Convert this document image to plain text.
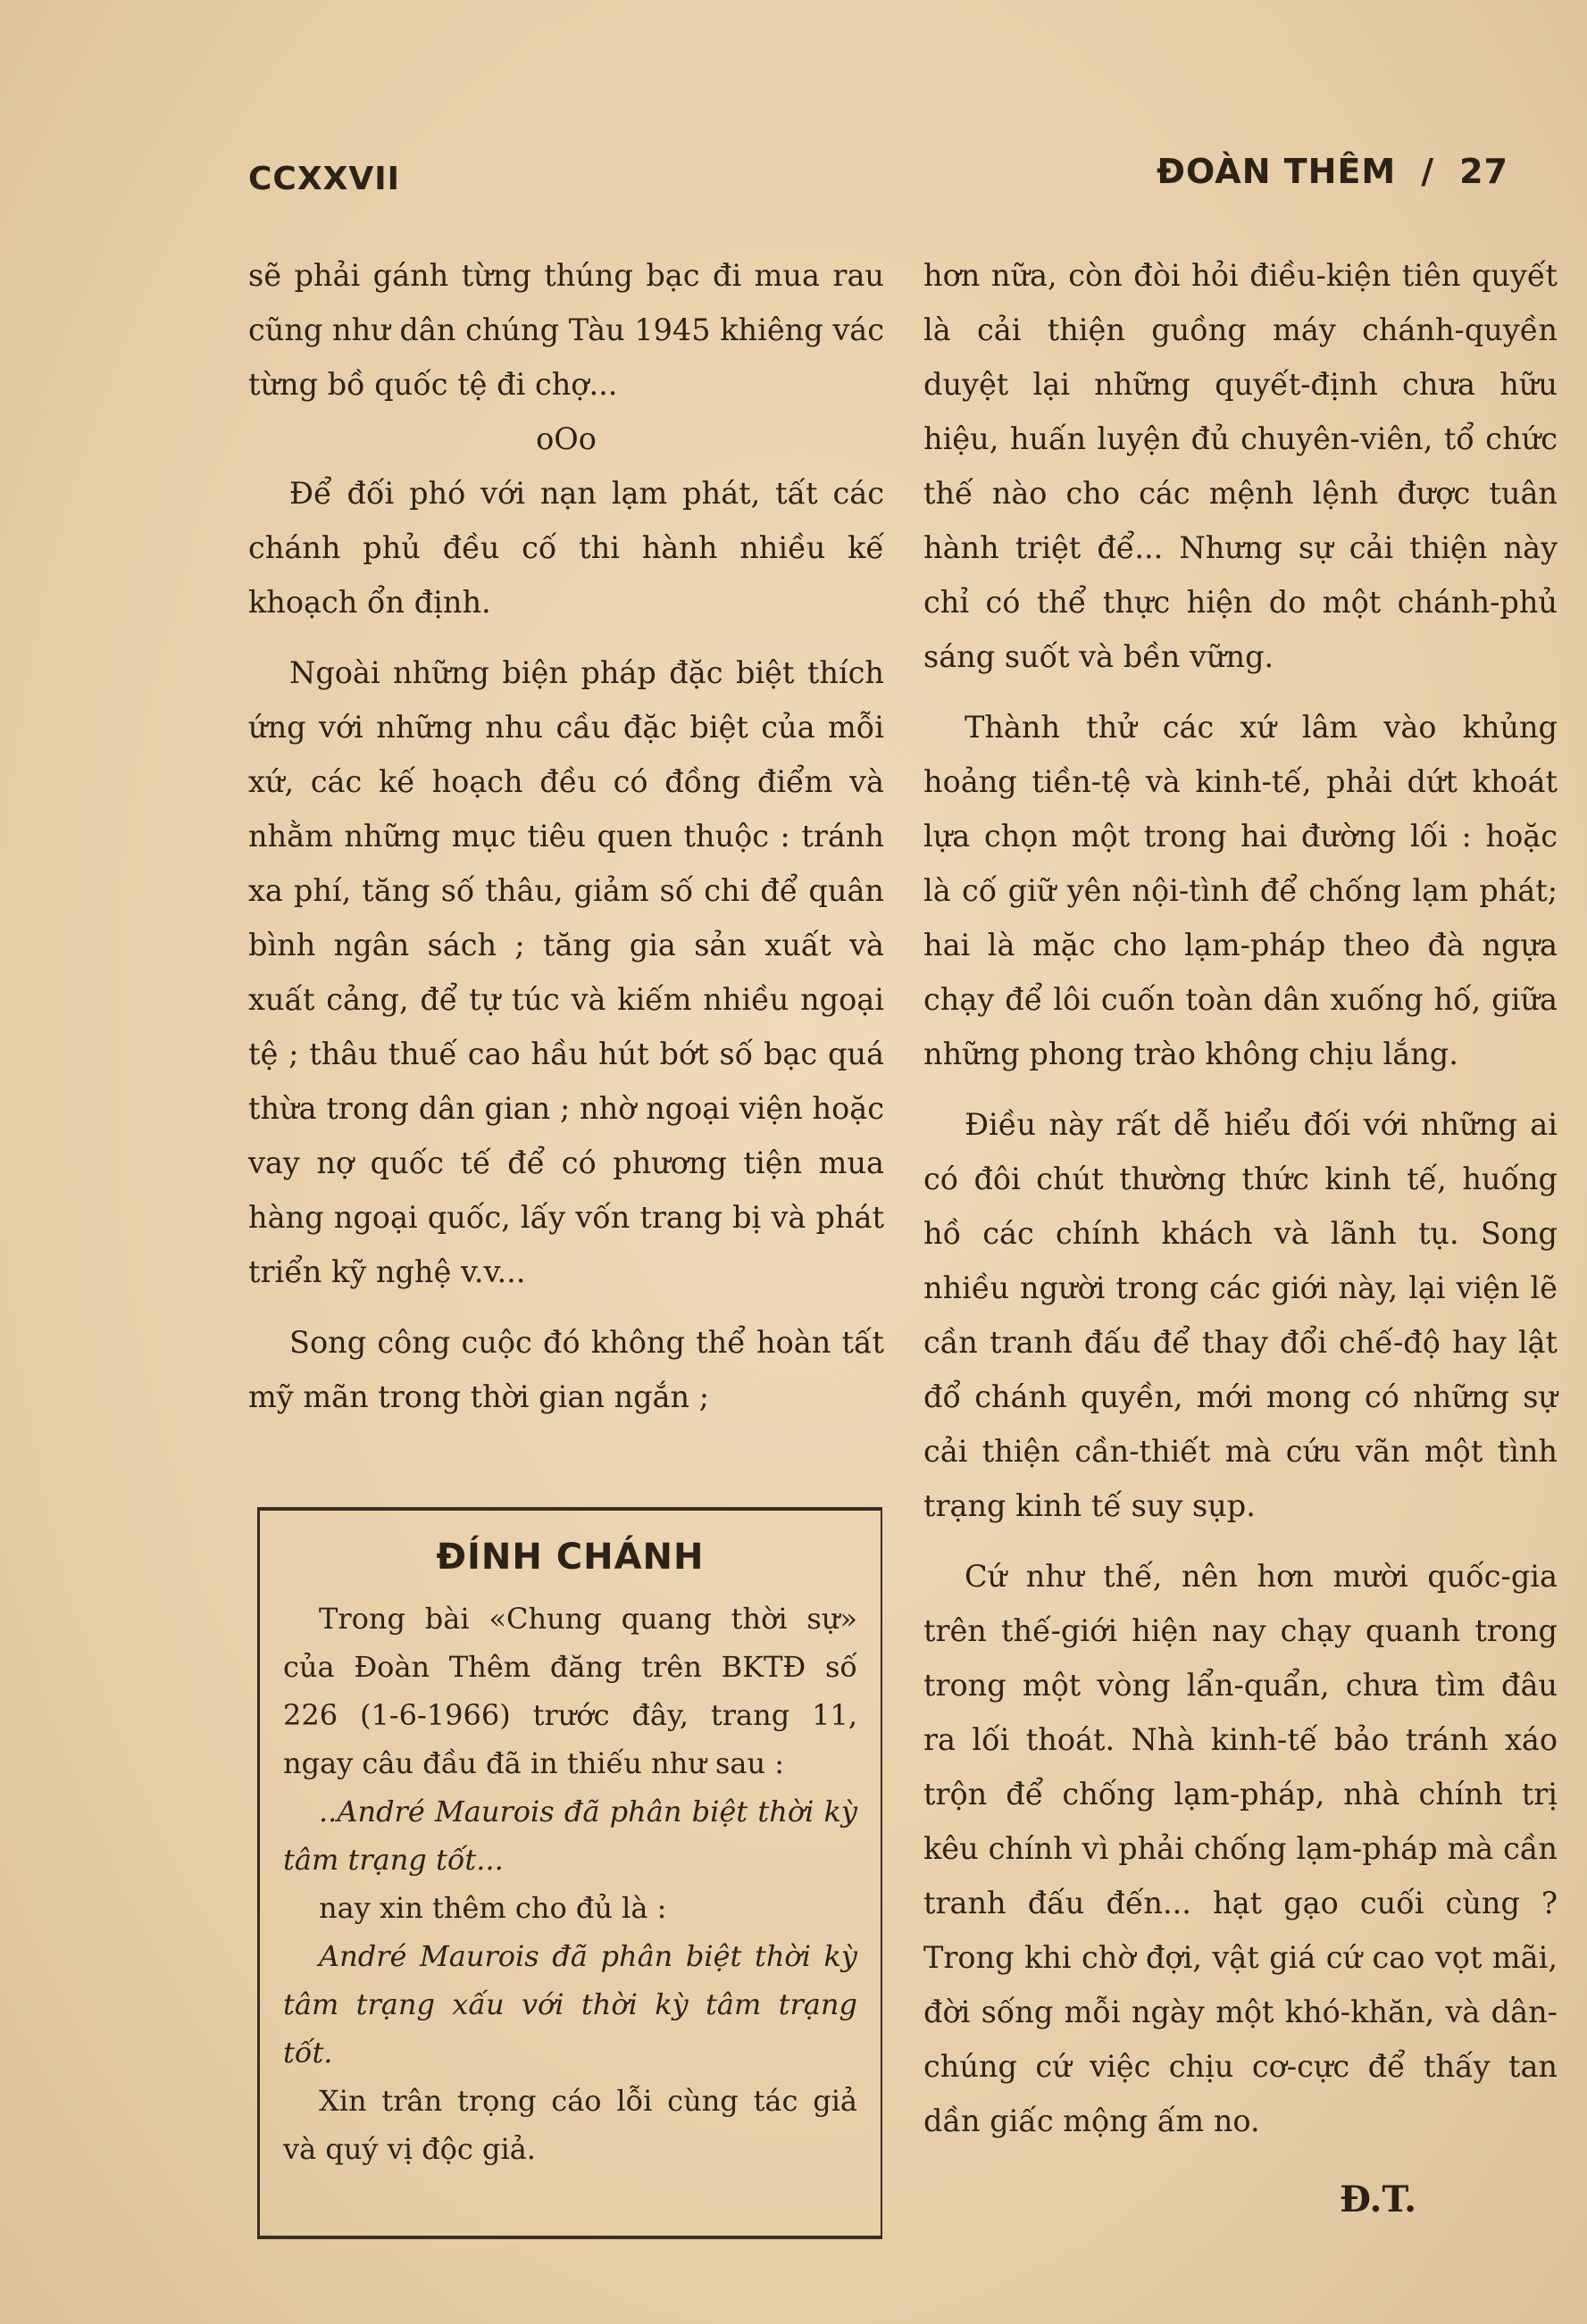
CCXXVII	ĐOÀN THÊM / 27

sẽ phải gánh từng thúng bạc đi mua rau cũng như dân chúng Tàu 1945 khiêng vác từng bồ quốc tệ đi chợ...

oOo

Để đối phó với nạn lạm phát, tất các chánh phủ đều cố thi hành nhiều kế khoạch ổn định.

Ngoài những biện pháp đặc biệt thích ứng với những nhu cầu đặc biệt của mỗi xứ, các kế hoạch đều có đồng điểm và nhằm những mục tiêu quen thuộc : tránh xa phí, tăng số thâu, giảm số chi để quân bình ngân sách ; tăng gia sản xuất và xuất cảng, để tự túc và kiếm nhiều ngoại tệ ; thâu thuế cao hầu hút bớt số bạc quá thừa trong dân gian ; nhờ ngoại viện hoặc vay nợ quốc tế để có phương tiện mua hàng ngoại quốc, lấy vốn trang bị và phát triển kỹ nghệ v.v...

Song công cuộc đó không thể hoàn tất mỹ mãn trong thời gian ngắn ;

ĐÍNH CHÁNH

Trong bài «Chung quang thời sự» của Đoàn Thêm đăng trên BKTĐ số 226 (1-6-1966) trước đây, trang 11, ngay câu đầu đã in thiếu như sau :

..André Maurois đã phân biệt thời kỳ tâm trạng tốt...

nay xin thêm cho đủ là :

André Maurois đã phân biệt thời kỳ tâm trạng xấu với thời kỳ tâm trạng tốt.

Xin trân trọng cáo lỗi cùng tác giả và quý vị độc giả.

hơn nữa, còn đòi hỏi điều-kiện tiên quyết là cải thiện guồng máy chánh-quyền duyệt lại những quyết-định chưa hữu hiệu, huấn luyện đủ chuyên-viên, tổ chức thế nào cho các mệnh lệnh được tuân hành triệt để... Nhưng sự cải thiện này chỉ có thể thực hiện do một chánh-phủ sáng suốt và bền vững.

Thành thử các xứ lâm vào khủng hoảng tiền-tệ và kinh-tế, phải dứt khoát lựa chọn một trong hai đường lối : hoặc là cố giữ yên nội-tình để chống lạm phát; hai là mặc cho lạm-pháp theo đà ngựa chạy để lôi cuốn toàn dân xuống hố, giữa những phong trào không chịu lắng.

Điều này rất dễ hiểu đối với những ai có đôi chút thường thức kinh tế, huống hồ các chính khách và lãnh tụ. Song nhiều người trong các giới này, lại viện lẽ cần tranh đấu để thay đổi chế-độ hay lật đổ chánh quyền, mới mong có những sự cải thiện cần-thiết mà cứu vãn một tình trạng kinh tế suy sụp.

Cứ như thế, nên hơn mười quốc-gia trên thế-giới hiện nay chạy quanh trong trong một vòng lẩn-quẩn, chưa tìm đâu ra lối thoát. Nhà kinh-tế bảo tránh xáo trộn để chống lạm-pháp, nhà chính trị kêu chính vì phải chống lạm-pháp mà cần tranh đấu đến... hạt gạo cuối cùng ? Trong khi chờ đợi, vật giá cứ cao vọt mãi, đời sống mỗi ngày một khó-khăn, và dân-chúng cứ việc chịu cơ-cực để thấy tan dần giấc mộng ấm no.

Đ.T.
